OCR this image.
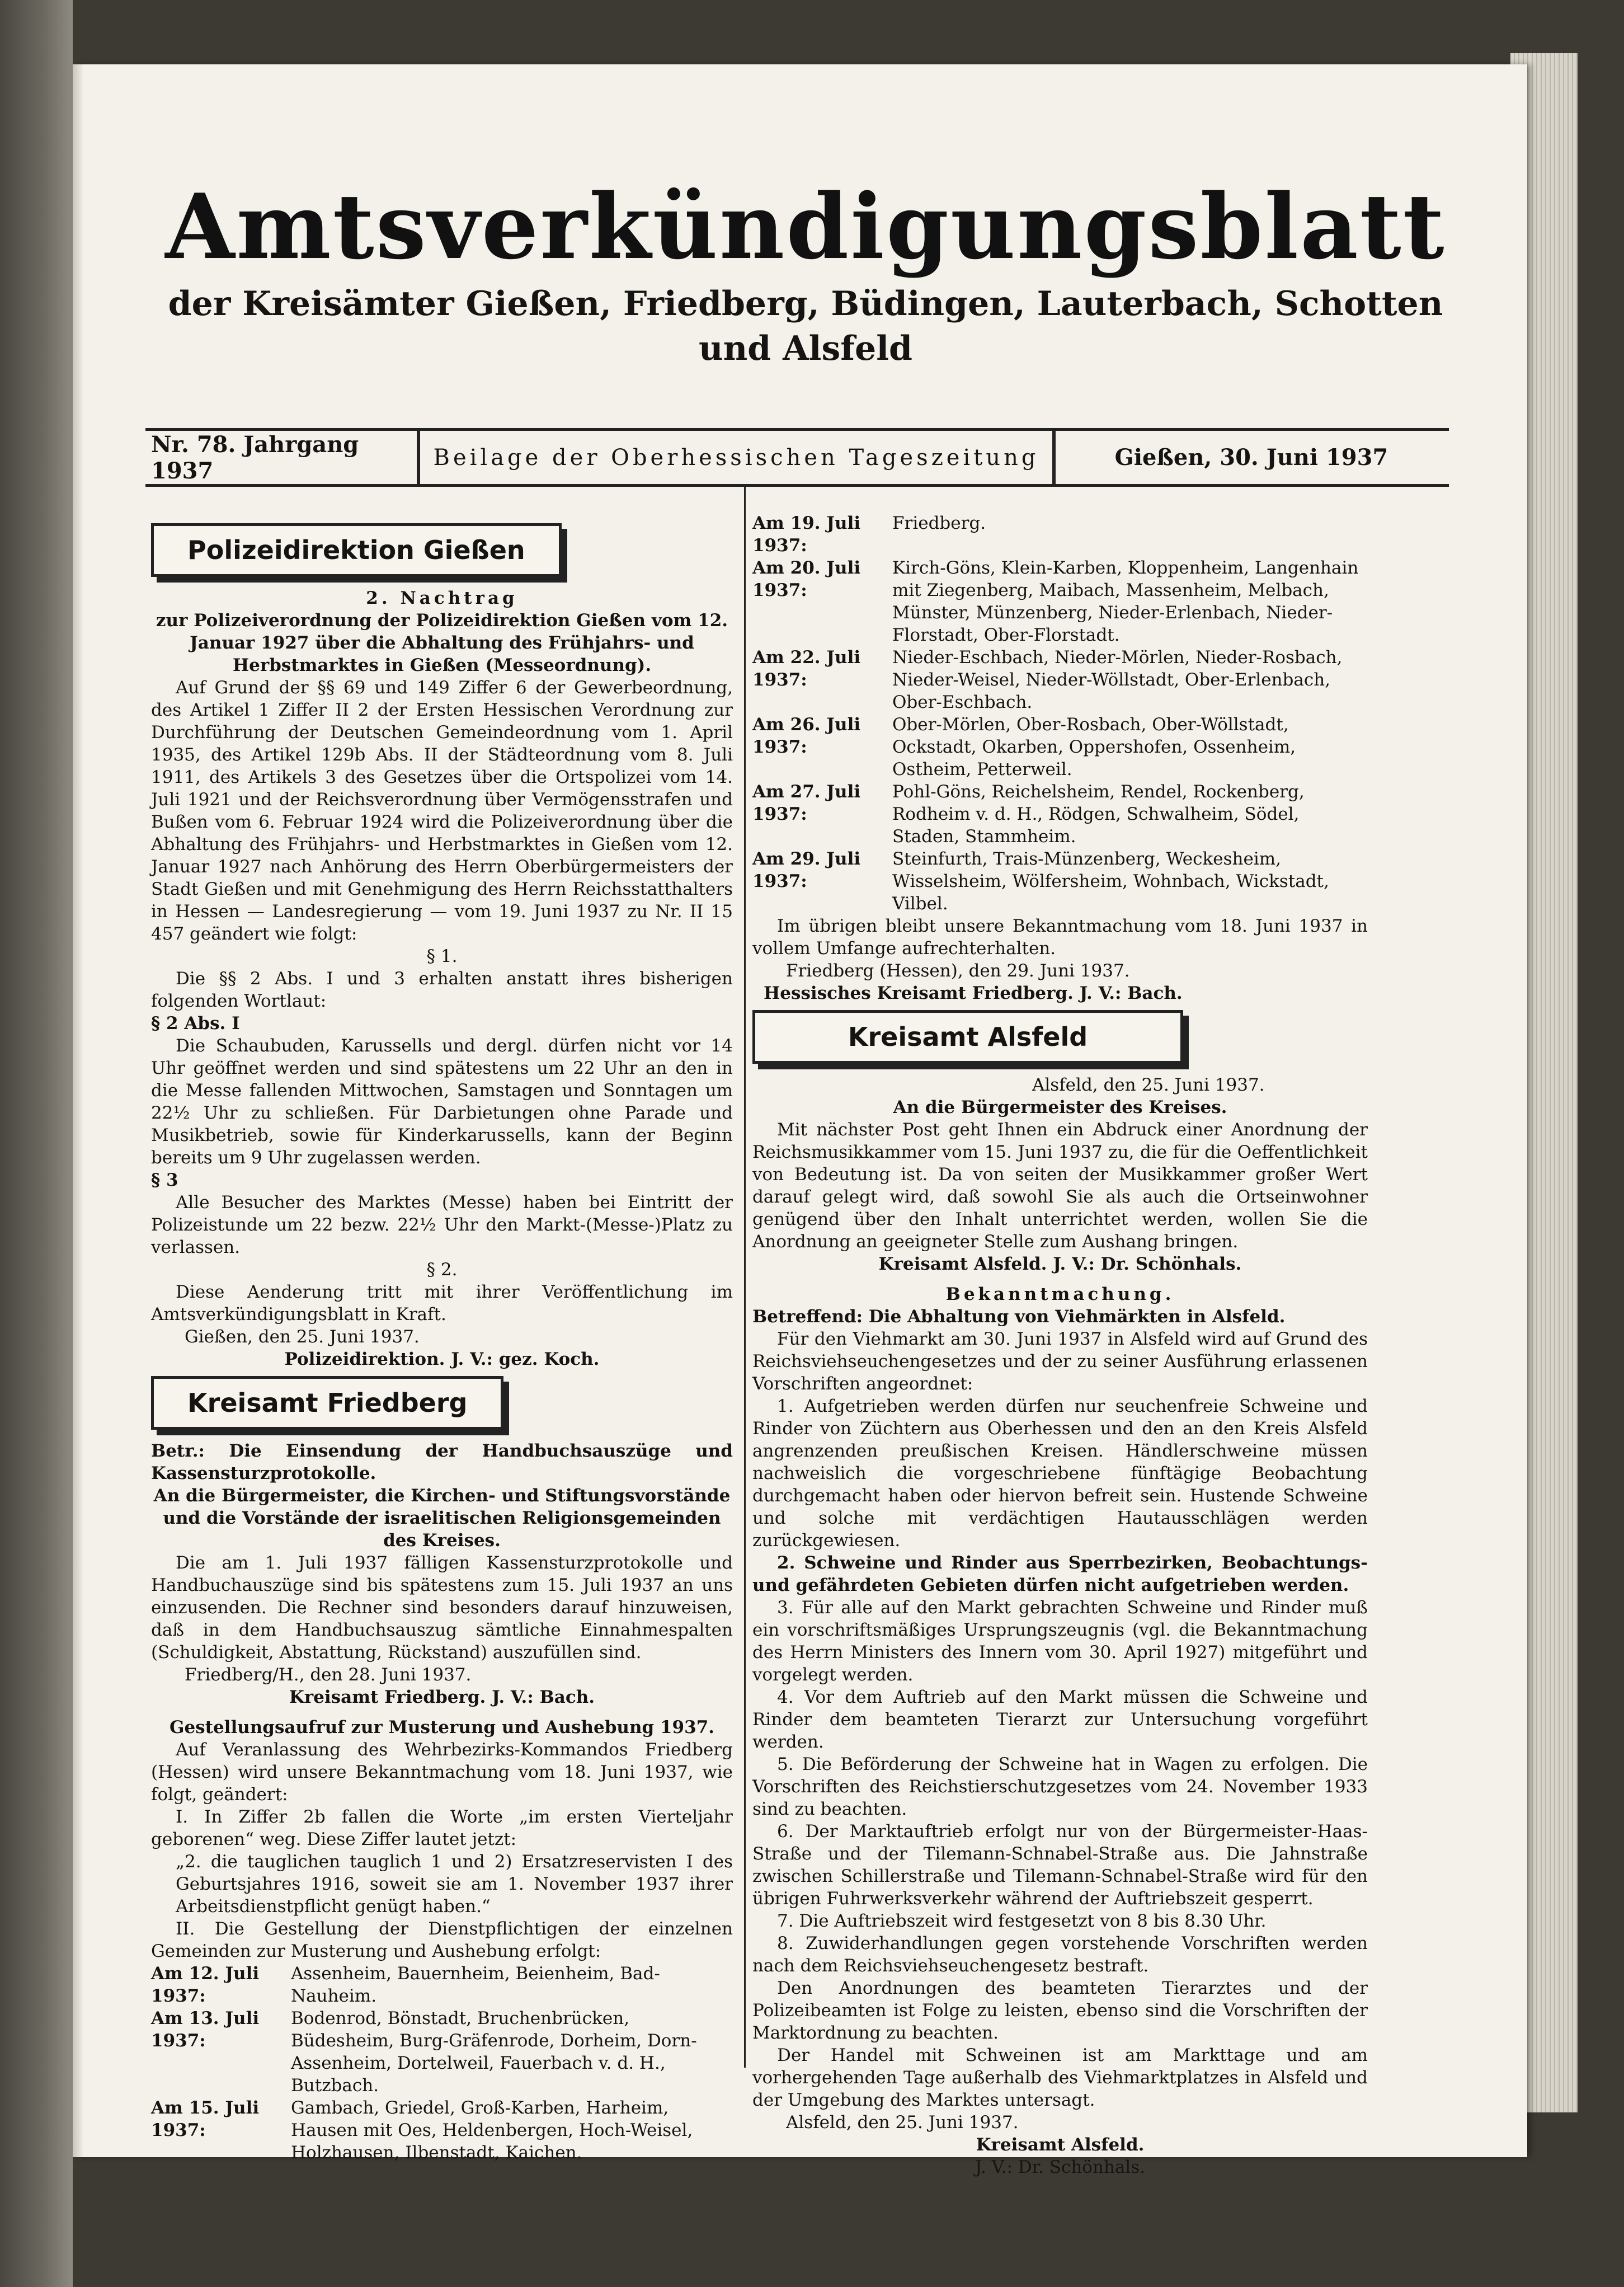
Amtsverkündigungsblatt
der Kreisämter Gießen, Friedberg, Büdingen, Lauterbach, Schotten und Alsfeld
Nr. 78. Jahrgang 1937	Beilage der Oberhessischen Tageszeitung	Gießen, 30. Juni 1937
Polizeidirektion Gießen

2. Nachtrag

zur Polizeiverordnung der Polizeidirektion Gießen vom 12. Januar 1927 über die Abhaltung des Frühjahrs- und Herbstmarktes in Gießen (Messeordnung).

Auf Grund der §§ 69 und 149 Ziffer 6 der Gewerbeordnung, des Artikel 1 Ziffer II 2 der Ersten Hessischen Verordnung zur Durchführung der Deutschen Gemeindeordnung vom 1. April 1935, des Artikel 129b Abs. II der Städteordnung vom 8. Juli 1911, des Artikels 3 des Gesetzes über die Ortspolizei vom 14. Juli 1921 und der Reichsverordnung über Vermögensstrafen und Bußen vom 6. Februar 1924 wird die Polizeiverordnung über die Abhaltung des Frühjahrs- und Herbstmarktes in Gießen vom 12. Januar 1927 nach Anhörung des Herrn Oberbürgermeisters der Stadt Gießen und mit Genehmigung des Herrn Reichsstatthalters in Hessen — Landesregierung — vom 19. Juni 1937 zu Nr. II 15 457 geändert wie folgt:

§ 1.

Die §§ 2 Abs. I und 3 erhalten anstatt ihres bisherigen folgenden Wortlaut:

§ 2 Abs. I

Die Schaubuden, Karussells und dergl. dürfen nicht vor 14 Uhr geöffnet werden und sind spätestens um 22 Uhr an den in die Messe fallenden Mittwochen, Samstagen und Sonntagen um 22½ Uhr zu schließen. Für Darbietungen ohne Parade und Musikbetrieb, sowie für Kinderkarussells, kann der Beginn bereits um 9 Uhr zugelassen werden.

§ 3

Alle Besucher des Marktes (Messe) haben bei Eintritt der Polizeistunde um 22 bezw. 22½ Uhr den Markt-(Messe-)Platz zu verlassen.

§ 2.

Diese Aenderung tritt mit ihrer Veröffentlichung im Amtsverkündigungsblatt in Kraft.

Gießen, den 25. Juni 1937.

Polizeidirektion. J. V.: gez. Koch.

Kreisamt Friedberg

Betr.: Die Einsendung der Handbuchsauszüge und Kassensturzprotokolle.

An die Bürgermeister, die Kirchen- und Stiftungsvorstände und die Vorstände der israelitischen Religionsgemeinden des Kreises.

Die am 1. Juli 1937 fälligen Kassensturzprotokolle und Handbuchauszüge sind bis spätestens zum 15. Juli 1937 an uns einzusenden. Die Rechner sind besonders darauf hinzuweisen, daß in dem Handbuchsauszug sämtliche Einnahmespalten (Schuldigkeit, Abstattung, Rückstand) auszufüllen sind.

Friedberg/H., den 28. Juni 1937.

Kreisamt Friedberg. J. V.: Bach.

Gestellungsaufruf zur Musterung und Aushebung 1937.

Auf Veranlassung des Wehrbezirks-Kommandos Friedberg (Hessen) wird unsere Bekanntmachung vom 18. Juni 1937, wie folgt, geändert:

I. In Ziffer 2b fallen die Worte „im ersten Vierteljahr geborenen“ weg. Diese Ziffer lautet jetzt:

„2. die tauglichen tauglich 1 und 2) Ersatzreservisten I des Geburtsjahres 1916, soweit sie am 1. November 1937 ihrer Arbeitsdienstpflicht genügt haben.“

II. Die Gestellung der Dienstpflichtigen der einzelnen Gemeinden zur Musterung und Aushebung erfolgt:

Am 12. Juli 1937:
Assenheim, Bauernheim, Beienheim, Bad-Nauheim.
Am 13. Juli 1937:
Bodenrod, Bönstadt, Bruchenbrücken, Büdesheim, Burg-Gräfenrode, Dorheim, Dorn-Assenheim, Dortelweil, Fauerbach v. d. H., Butzbach.
Am 15. Juli 1937:
Gambach, Griedel, Groß-Karben, Harheim, Hausen mit Oes, Heldenbergen, Hoch-Weisel, Holzhausen, Ilbenstadt, Kaichen.
Am 19. Juli 1937:
Friedberg.
Am 20. Juli 1937:
Kirch-Göns, Klein-Karben, Kloppenheim, Langenhain mit Ziegenberg, Maibach, Massenheim, Melbach, Münster, Münzenberg, Nieder-Erlenbach, Nieder-Florstadt, Ober-Florstadt.
Am 22. Juli 1937:
Nieder-Eschbach, Nieder-Mörlen, Nieder-Rosbach, Nieder-Weisel, Nieder-Wöllstadt, Ober-Erlenbach, Ober-Eschbach.
Am 26. Juli 1937:
Ober-Mörlen, Ober-Rosbach, Ober-Wöllstadt, Ockstadt, Okarben, Oppershofen, Ossenheim, Ostheim, Petterweil.
Am 27. Juli 1937:
Pohl-Göns, Reichelsheim, Rendel, Rockenberg, Rodheim v. d. H., Rödgen, Schwalheim, Södel, Staden, Stammheim.
Am 29. Juli 1937:
Steinfurth, Trais-Münzenberg, Weckesheim, Wisselsheim, Wölfersheim, Wohnbach, Wickstadt, Vilbel.

Im übrigen bleibt unsere Bekanntmachung vom 18. Juni 1937 in vollem Umfange aufrechterhalten.

Friedberg (Hessen), den 29. Juni 1937.

Hessisches Kreisamt Friedberg. J. V.: Bach.

Kreisamt Alsfeld

Alsfeld, den 25. Juni 1937.

An die Bürgermeister des Kreises.

Mit nächster Post geht Ihnen ein Abdruck einer Anordnung der Reichsmusikkammer vom 15. Juni 1937 zu, die für die Oeffentlichkeit von Bedeutung ist. Da von seiten der Musikkammer großer Wert darauf gelegt wird, daß sowohl Sie als auch die Ortseinwohner genügend über den Inhalt unterrichtet werden, wollen Sie die Anordnung an geeigneter Stelle zum Aushang bringen.

Kreisamt Alsfeld. J. V.: Dr. Schönhals.

Bekanntmachung.

Betreffend: Die Abhaltung von Viehmärkten in Alsfeld.

Für den Viehmarkt am 30. Juni 1937 in Alsfeld wird auf Grund des Reichsviehseuchengesetzes und der zu seiner Ausführung erlassenen Vorschriften angeordnet:

1. Aufgetrieben werden dürfen nur seuchenfreie Schweine und Rinder von Züchtern aus Oberhessen und den an den Kreis Alsfeld angrenzenden preußischen Kreisen. Händlerschweine müssen nachweislich die vorgeschriebene fünftägige Beobachtung durchgemacht haben oder hiervon befreit sein. Hustende Schweine und solche mit verdächtigen Hautausschlägen werden zurückgewiesen.

2. Schweine und Rinder aus Sperrbezirken, Beobachtungs- und gefährdeten Gebieten dürfen nicht aufgetrieben werden.

3. Für alle auf den Markt gebrachten Schweine und Rinder muß ein vorschriftsmäßiges Ursprungszeugnis (vgl. die Bekanntmachung des Herrn Ministers des Innern vom 30. April 1927) mitgeführt und vorgelegt werden.

4. Vor dem Auftrieb auf den Markt müssen die Schweine und Rinder dem beamteten Tierarzt zur Untersuchung vorgeführt werden.

5. Die Beförderung der Schweine hat in Wagen zu erfolgen. Die Vorschriften des Reichstierschutzgesetzes vom 24. November 1933 sind zu beachten.

6. Der Marktauftrieb erfolgt nur von der Bürgermeister-Haas-Straße und der Tilemann-Schnabel-Straße aus. Die Jahnstraße zwischen Schillerstraße und Tilemann-Schnabel-Straße wird für den übrigen Fuhrwerksverkehr während der Auftriebszeit gesperrt.

7. Die Auftriebszeit wird festgesetzt von 8 bis 8.30 Uhr.

8. Zuwiderhandlungen gegen vorstehende Vorschriften werden nach dem Reichsviehseuchengesetz bestraft.

Den Anordnungen des beamteten Tierarztes und der Polizeibeamten ist Folge zu leisten, ebenso sind die Vorschriften der Marktordnung zu beachten.

Der Handel mit Schweinen ist am Markttage und am vorhergehenden Tage außerhalb des Viehmarktplatzes in Alsfeld und der Umgebung des Marktes untersagt.

Alsfeld, den 25. Juni 1937.

Kreisamt Alsfeld.

J. V.: Dr. Schönhals.
